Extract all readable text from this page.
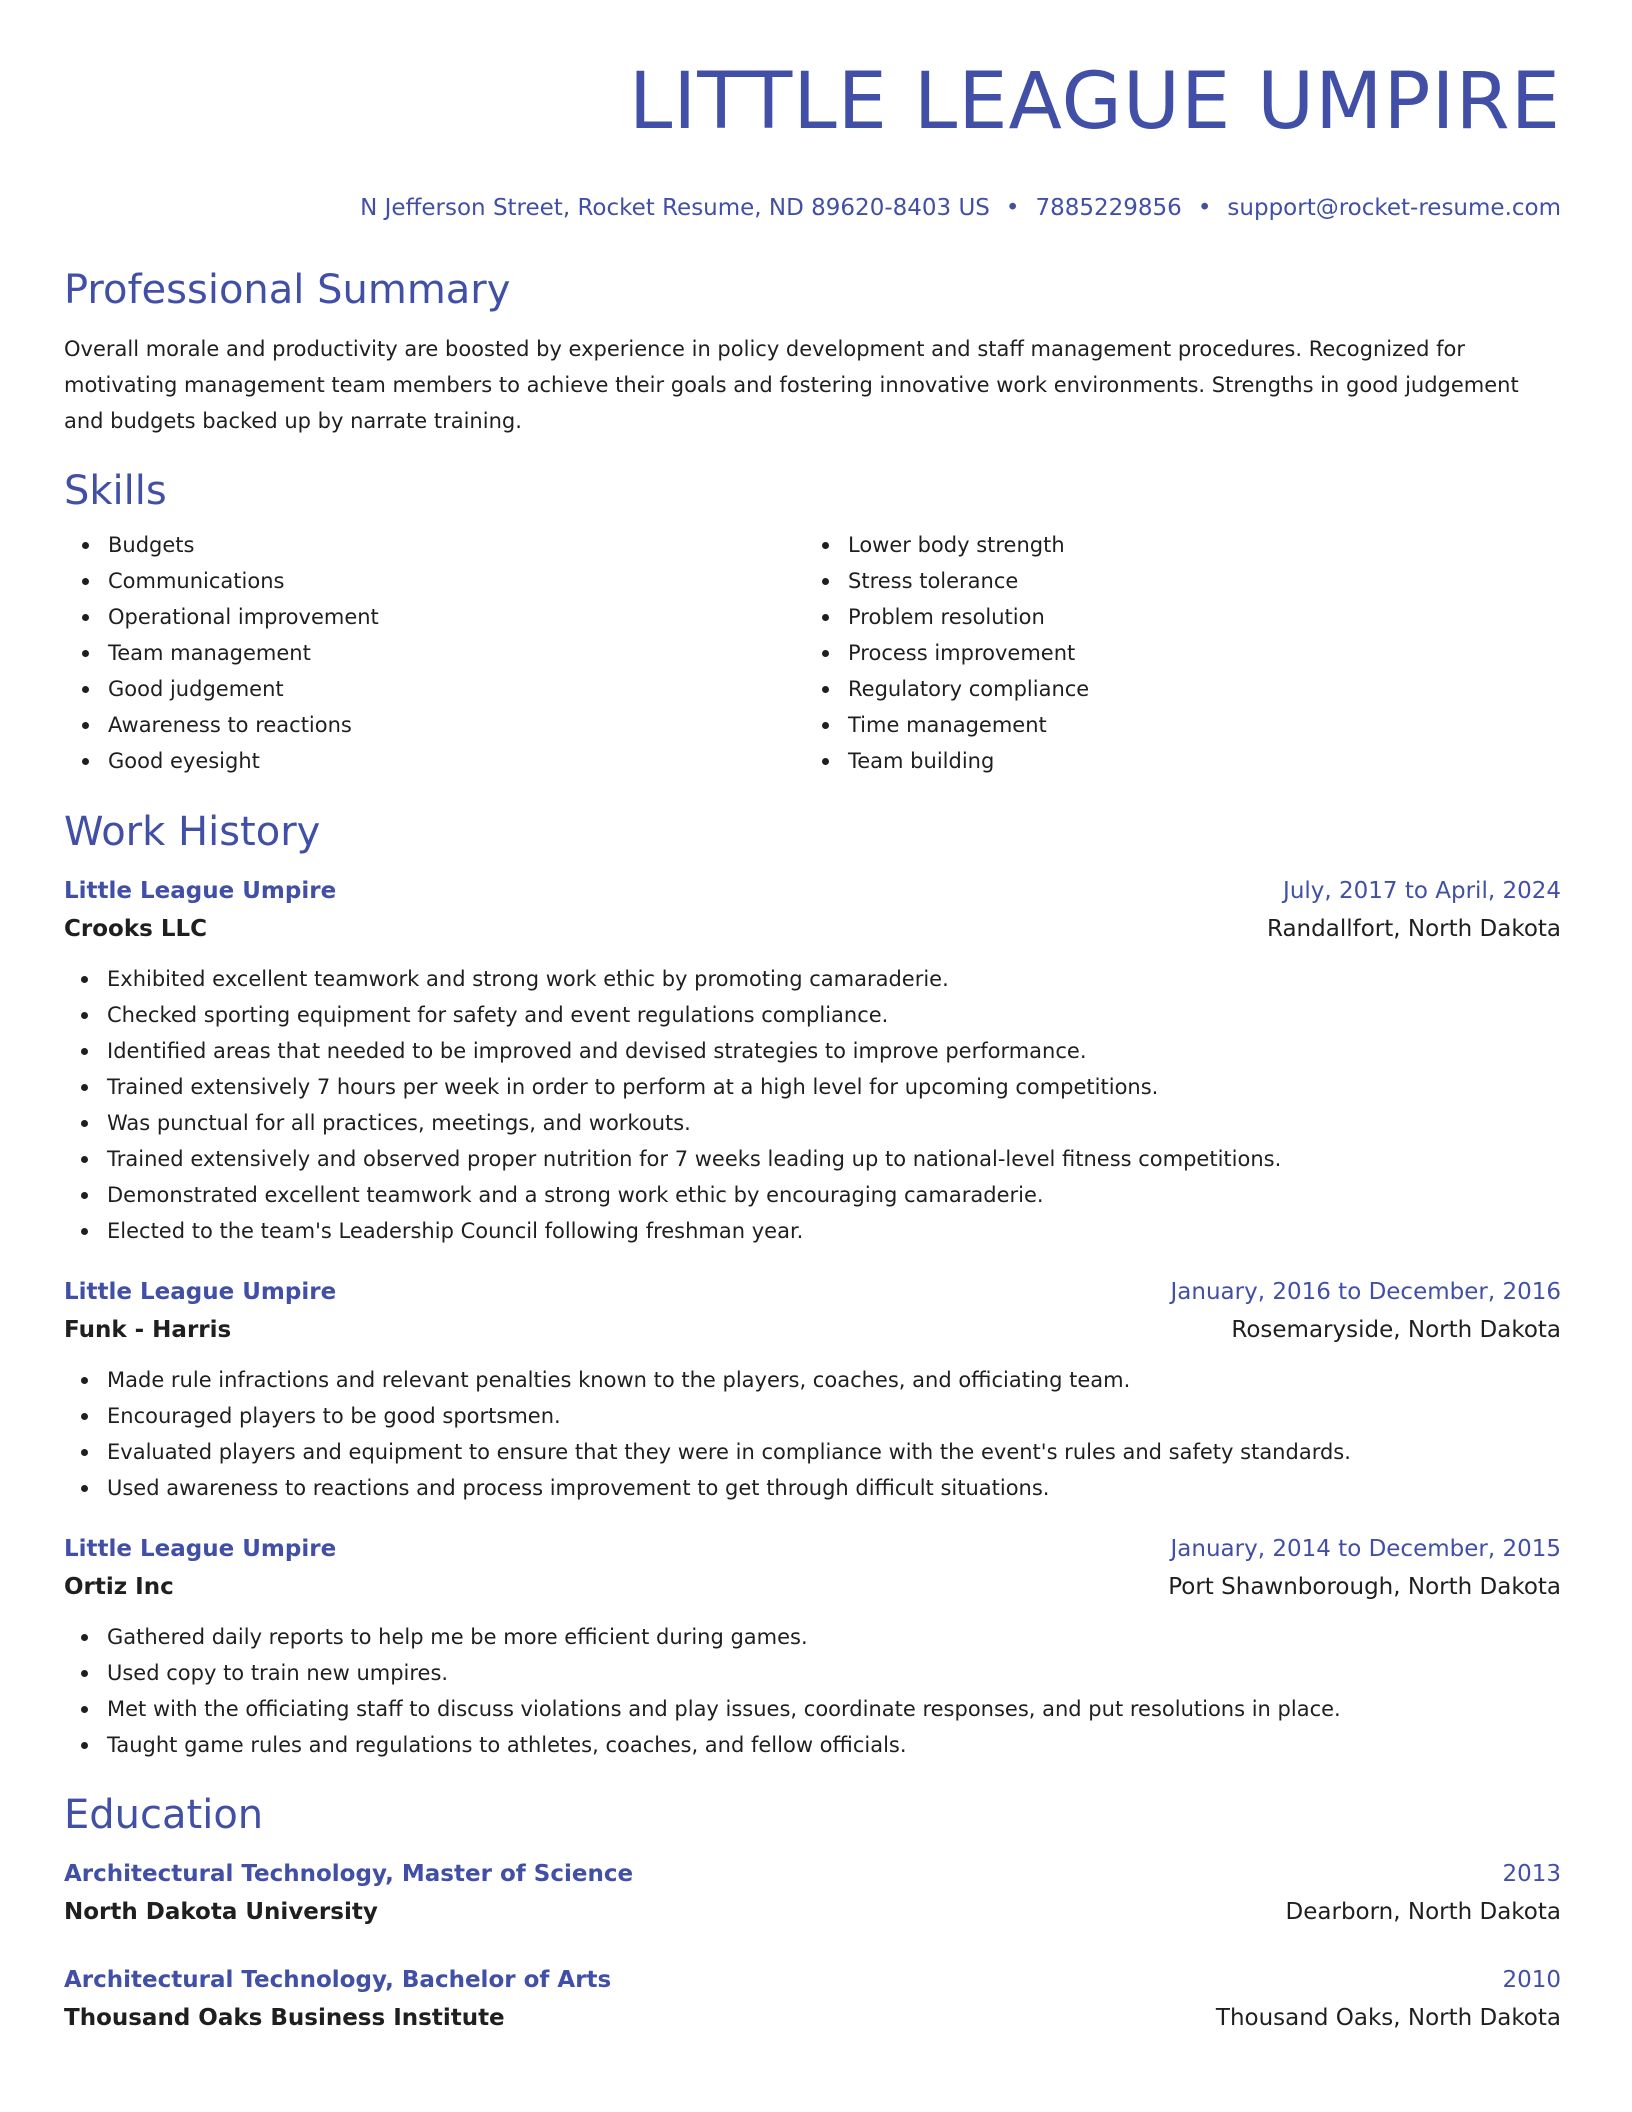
LITTLE LEAGUE UMPIRE
N Jefferson Street, Rocket Resume, ND 89620-8403 US • 7885229856 • support@rocket-resume.com
Professional Summary
Overall morale and productivity are boosted by experience in policy development and staff management procedures. Recognized for motivating management team members to achieve their goals and fostering innovative work environments. Strengths in good judgement and budgets backed up by narrate training.
Skills
Budgets
Communications
Operational improvement
Team management
Good judgement
Awareness to reactions
Good eyesight
Lower body strength
Stress tolerance
Problem resolution
Process improvement
Regulatory compliance
Time management
Team building
Work History
Little League Umpire	July, 2017 to April, 2024
Crooks LLC	Randallfort, North Dakota
Exhibited excellent teamwork and strong work ethic by promoting camaraderie.
Checked sporting equipment for safety and event regulations compliance.
Identified areas that needed to be improved and devised strategies to improve performance.
Trained extensively 7 hours per week in order to perform at a high level for upcoming competitions.
Was punctual for all practices, meetings, and workouts.
Trained extensively and observed proper nutrition for 7 weeks leading up to national-level fitness competitions.
Demonstrated excellent teamwork and a strong work ethic by encouraging camaraderie.
Elected to the team's Leadership Council following freshman year.
Little League Umpire	January, 2016 to December, 2016
Funk - Harris	Rosemaryside, North Dakota
Made rule infractions and relevant penalties known to the players, coaches, and officiating team.
Encouraged players to be good sportsmen.
Evaluated players and equipment to ensure that they were in compliance with the event's rules and safety standards.
Used awareness to reactions and process improvement to get through difficult situations.
Little League Umpire	January, 2014 to December, 2015
Ortiz Inc	Port Shawnborough, North Dakota
Gathered daily reports to help me be more efficient during games.
Used copy to train new umpires.
Met with the officiating staff to discuss violations and play issues, coordinate responses, and put resolutions in place.
Taught game rules and regulations to athletes, coaches, and fellow officials.
Education
Architectural Technology, Master of Science	2013
North Dakota University	Dearborn, North Dakota
Architectural Technology, Bachelor of Arts	2010
Thousand Oaks Business Institute	Thousand Oaks, North Dakota
